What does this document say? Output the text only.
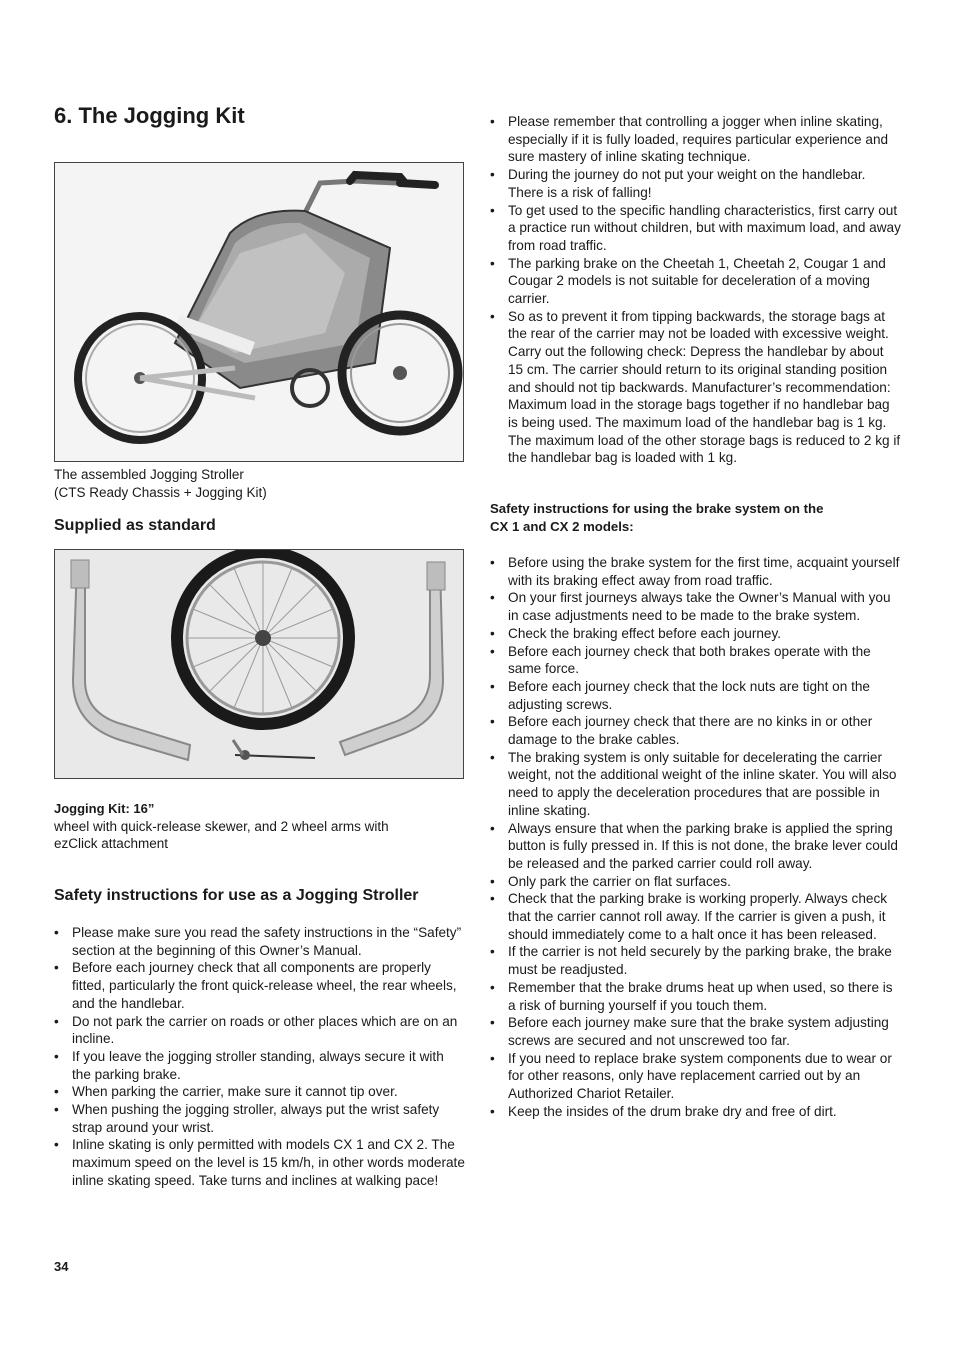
6. The Jogging Kit
The assembled Jogging Stroller
(CTS Ready Chassis + Jogging Kit)
Supplied as standard
Jogging Kit: 16”
wheel with quick-release skewer, and 2 wheel arms with
ezClick attachment
Safety instructions for use as a Jogging Stroller
• Please make sure you read the safety instructions in the “Safety” section at the beginning of this Owner’s Manual.
• Before each journey check that all components are properly fitted, particularly the front quick-release wheel, the rear wheels, and the handlebar.
• Do not park the carrier on roads or other places which are on an incline.
• If you leave the jogging stroller standing, always secure it with the parking brake.
• When parking the carrier, make sure it cannot tip over.
• When pushing the jogging stroller, always put the wrist safety strap around your wrist.
• Inline skating is only permitted with models CX 1 and CX 2. The maximum speed on the level is 15 km/h, in other words moderate inline skating speed. Take turns and inclines at walking pace!
• Please remember that controlling a jogger when inline skating, especially if it is fully loaded, requires particular experience and sure mastery of inline skating technique.
• During the journey do not put your weight on the handlebar. There is a risk of falling!
• To get used to the specific handling characteristics, first carry out a practice run without children, but with maximum load, and away from road traffic.
• The parking brake on the Cheetah 1, Cheetah 2, Cougar 1 and Cougar 2 models is not suitable for deceleration of a moving carrier.
• So as to prevent it from tipping backwards, the storage bags at the rear of the carrier may not be loaded with excessive weight. Carry out the following check: Depress the handlebar by about 15 cm. The carrier should return to its original standing position and should not tip backwards. Manufacturer’s recommendation: Maximum load in the storage bags together if no handlebar bag is being used. The maximum load of the handlebar bag is 1 kg. The maximum load of the other storage bags is reduced to 2 kg if the handlebar bag is loaded with 1 kg.
Safety instructions for using the brake system on the
CX 1 and CX 2 models:
• Before using the brake system for the first time, acquaint yourself with its braking effect away from road traffic.
• On your first journeys always take the Owner’s Manual with you in case adjustments need to be made to the brake system.
• Check the braking effect before each journey.
• Before each journey check that both brakes operate with the same force.
• Before each journey check that the lock nuts are tight on the adjusting screws.
• Before each journey check that there are no kinks in or other damage to the brake cables.
• The braking system is only suitable for decelerating the carrier weight, not the additional weight of the inline skater. You will also need to apply the deceleration procedures that are possible in inline skating.
• Always ensure that when the parking brake is applied the spring button is fully pressed in. If this is not done, the brake lever could be released and the parked carrier could roll away.
• Only park the carrier on flat surfaces.
• Check that the parking brake is working properly. Always check that the carrier cannot roll away. If the carrier is given a push, it should immediately come to a halt once it has been released.
• If the carrier is not held securely by the parking brake, the brake must be readjusted.
• Remember that the brake drums heat up when used, so there is a risk of burning yourself if you touch them.
• Before each journey make sure that the brake system adjusting screws are secured and not unscrewed too far.
• If you need to replace brake system components due to wear or for other reasons, only have replacement carried out by an Authorized Chariot Retailer.
• Keep the insides of the drum brake dry and free of dirt.
34
